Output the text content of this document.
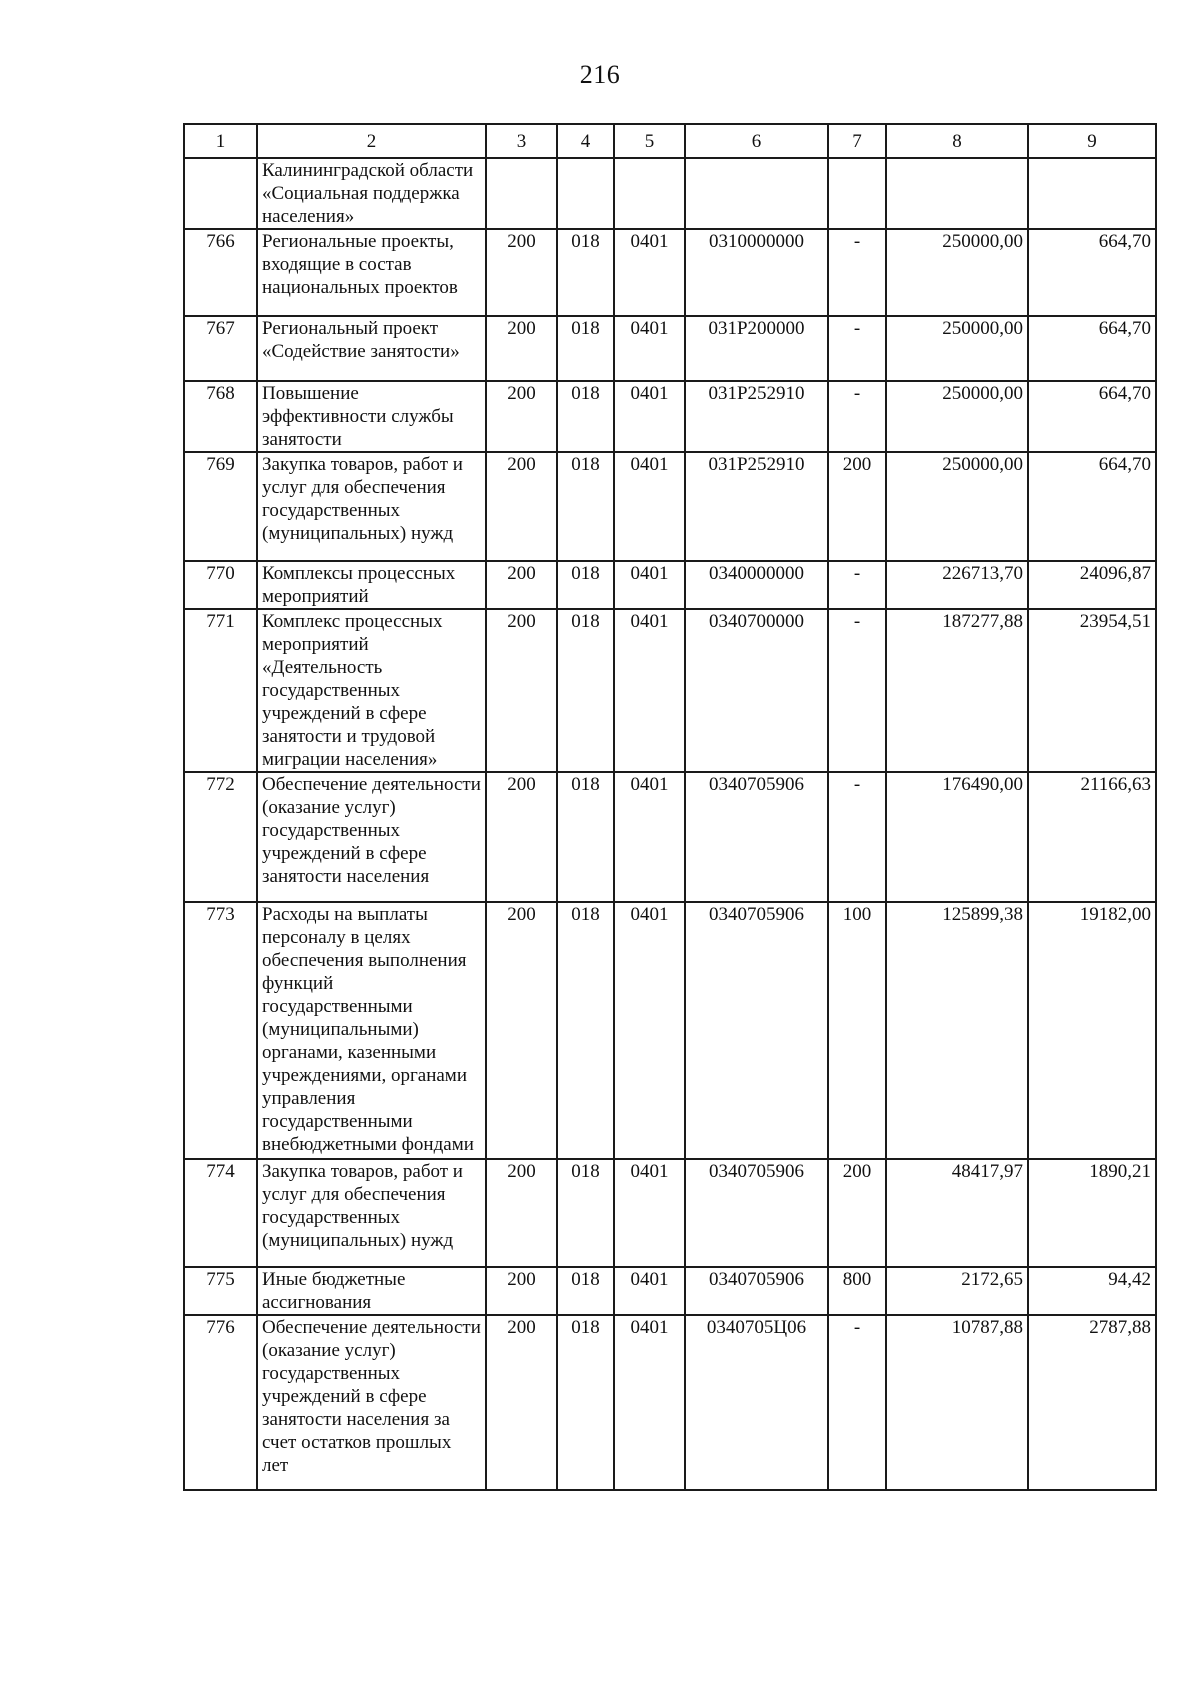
216
1	2	3	4	5	6	7	8	9
	Калининградской области «Социальная поддержка населения»							
766	Региональные проекты, входящие в состав национальных проектов	200	018	0401	0310000000	-	250000,00	664,70
767	Региональный проект «Содействие занятости»	200	018	0401	031P200000	-	250000,00	664,70
768	Повышение эффективности службы занятости	200	018	0401	031P252910	-	250000,00	664,70
769	Закупка товаров, работ и услуг для обеспечения государственных (муниципальных) нужд	200	018	0401	031P252910	200	250000,00	664,70
770	Комплексы процессных мероприятий	200	018	0401	0340000000	-	226713,70	24096,87
771	Комплекс процессных мероприятий «Деятельность государственных учреждений в сфере занятости и трудовой миграции населения»	200	018	0401	0340700000	-	187277,88	23954,51
772	Обеспечение деятельности (оказание услуг) государственных учреждений в сфере занятости населения	200	018	0401	0340705906	-	176490,00	21166,63
773	Расходы на выплаты персоналу в целях обеспечения выполнения функций государственными (муниципальными) органами, казенными учреждениями, органами управления государственными внебюджетными фондами	200	018	0401	0340705906	100	125899,38	19182,00
774	Закупка товаров, работ и услуг для обеспечения государственных (муниципальных) нужд	200	018	0401	0340705906	200	48417,97	1890,21
775	Иные бюджетные ассигнования	200	018	0401	0340705906	800	2172,65	94,42
776	Обеспечение деятельности (оказание услуг) государственных учреждений в сфере занятости населения за счет остатков прошлых лет	200	018	0401	0340705Ц06	-	10787,88	2787,88
